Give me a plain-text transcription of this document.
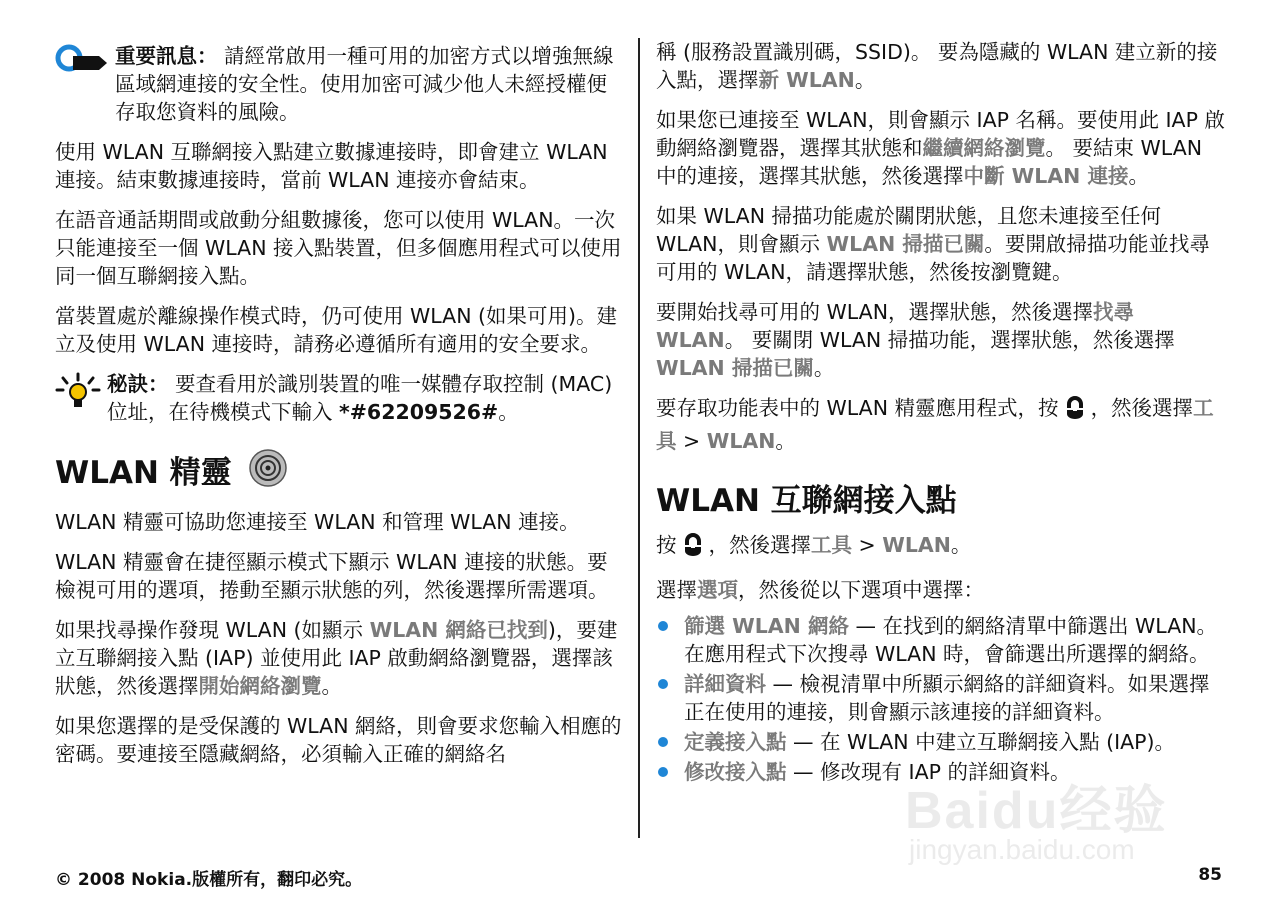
重要訊息： 請經常啟用一種可用的加密方式以增強無線區域網連接的安全性。使用加密可減少他人未經授權便存取您資料的風險。

使用 WLAN 互聯網接入點建立數據連接時，即會建立 WLAN 連接。結束數據連接時，當前 WLAN 連接亦會結束。

在語音通話期間或啟動分組數據後，您可以使用 WLAN。一次只能連接至一個 WLAN 接入點裝置，但多個應用程式可以使用同一個互聯網接入點。

當裝置處於離線操作模式時，仍可使用 WLAN (如果可用)。建立及使用 WLAN 連接時，請務必遵循所有適用的安全要求。

秘訣： 要查看用於識別裝置的唯一媒體存取控制 (MAC) 位址，在待機模式下輸入 *#62209526#。
WLAN 精靈

WLAN 精靈可協助您連接至 WLAN 和管理 WLAN 連接。

WLAN 精靈會在捷徑顯示模式下顯示 WLAN 連接的狀態。要檢視可用的選項，捲動至顯示狀態的列，然後選擇所需選項。

如果找尋操作發現 WLAN (如顯示 WLAN 網絡已找到)，要建立互聯網接入點 (IAP) 並使用此 IAP 啟動網絡瀏覽器，選擇該狀態，然後選擇開始網絡瀏覽。

如果您選擇的是受保護的 WLAN 網絡，則會要求您輸入相應的密碼。要連接至隱藏網絡，必須輸入正確的網絡名

稱 (服務設置識別碼，SSID)。 要為隱藏的 WLAN 建立新的接入點，選擇新 WLAN。

如果您已連接至 WLAN，則會顯示 IAP 名稱。要使用此 IAP 啟動網絡瀏覽器，選擇其狀態和繼續網絡瀏覽。 要結束 WLAN 中的連接，選擇其狀態，然後選擇中斷 WLAN 連接。

如果 WLAN 掃描功能處於關閉狀態，且您未連接至任何 WLAN，則會顯示 WLAN 掃描已關。要開啟掃描功能並找尋可用的 WLAN，請選擇狀態，然後按瀏覽鍵。

要開始找尋可用的 WLAN，選擇狀態，然後選擇找尋 WLAN。 要關閉 WLAN 掃描功能，選擇狀態，然後選擇 WLAN 掃描已關。

要存取功能表中的 WLAN 精靈應用程式，按 ，然後選擇工具 > WLAN。

WLAN 互聯網接入點

按 ，然後選擇工具 > WLAN。

選擇選項，然後從以下選項中選擇：

篩選 WLAN 網絡 — 在找到的網絡清單中篩選出 WLAN。在應用程式下次搜尋 WLAN 時，會篩選出所選擇的網絡。
詳細資料 — 檢視清單中所顯示網絡的詳細資料。如果選擇正在使用的連接，則會顯示該連接的詳細資料。
定義接入點 — 在 WLAN 中建立互聯網接入點 (IAP)。
修改接入點 — 修改現有 IAP 的詳細資料。
Baidu经验
jingyan.baidu.com
© 2008 Nokia.版權所有，翻印必究。	85
